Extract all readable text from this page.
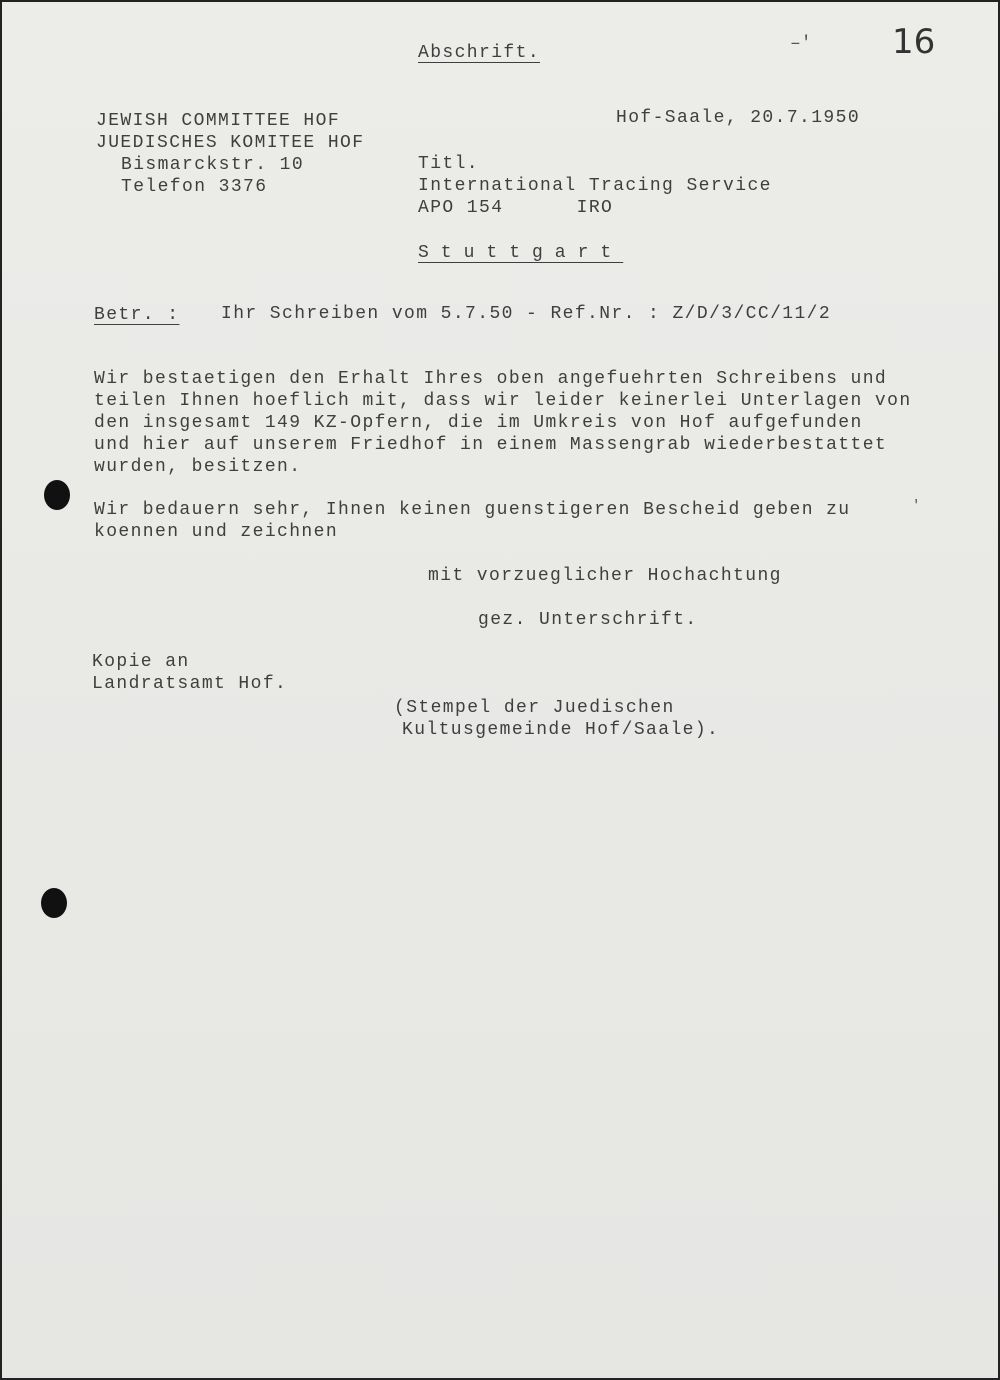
Abschrift.	–' 16
JEWISH COMMITTEE HOF
JUEDISCHES KOMITEE HOF
Bismarckstr. 10
Telefon 3376
Hof-Saale, 20.7.1950
Titl.
International Tracing Service
APO 154      IRO
Stuttgart
Betr. : Ihr Schreiben vom 5.7.50 - Ref.Nr. : Z/D/3/CC/11/2
Wir bestaetigen den Erhalt Ihres oben angefuehrten Schreibens und
teilen Ihnen hoeflich mit, dass wir leider keinerlei Unterlagen von
den insgesamt 149 KZ-Opfern, die im Umkreis von Hof aufgefunden
und hier auf unserem Friedhof in einem Massengrab wiederbestattet
wurden, besitzen.
Wir bedauern sehr, Ihnen keinen guenstigeren Bescheid geben zu
koennen und zeichnen
'
mit vorzueglicher Hochachtung
gez. Unterschrift.
Kopie an
Landratsamt Hof.
(Stempel der Juedischen
Kultusgemeinde Hof/Saale).
